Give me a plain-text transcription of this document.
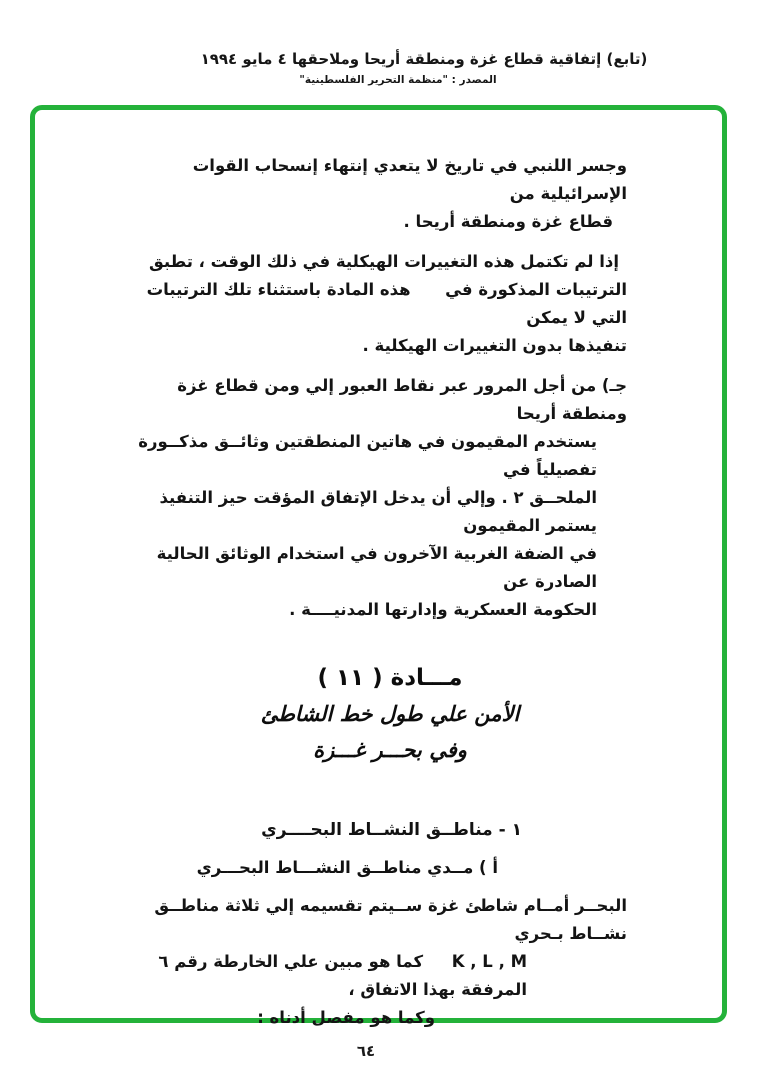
(تابع) إتفاقية قطاع غزة ومنطقة أريحا وملاحقها ٤ مايو ١٩٩٤
المصدر : "منظمة التحرير الفلسطينية"
وجسر اللنبي في تاريخ لا يتعدي إنتهاء إنسحاب القوات الإسرائيلية من
قطاع غزة ومنطقة أريحا .
إذا لم تكتمل هذه التغييرات الهيكلية في ذلك الوقت ، تطبق
الترتيبات المذكورة في      هذه المادة باستثناء تلك الترتيبات التي لا يمكن
تنفيذها بدون التغييرات الهيكلية .
جـ) من أجل المرور عبر نقاط العبور إلي ومن قطاع غزة ومنطقة أريحا
يستخدم المقيمون في هاتين المنطقتين وثائــق مذكــورة تفصيلياً في
الملحــق ٢ . وإلي أن يدخل الإتفاق المؤقت حيز التنفيذ يستمر المقيمون
في الضفة الغربية الآخرون في استخدام الوثائق الحالية الصادرة عن
الحكومة العسكرية وإدارتها المدنيــــة .
مـــادة ( ١١ )
الأمن علي طول خط الشاطئ
وفي بحـــر غـــزة
١ - مناطــق النشــاط البحــــري
أ ) مــدي مناطــق النشـــاط البحـــري
البحــر أمــام شاطئ غزة ســيتم تقسيمه إلي ثلاثة مناطــق نشــاط بـحري
K , L , M     كما هو مبين علي الخارطة رقم ٦ المرفقة بهذا الاتفاق ،
وكما هو مفصل أدناه :
٦٤
